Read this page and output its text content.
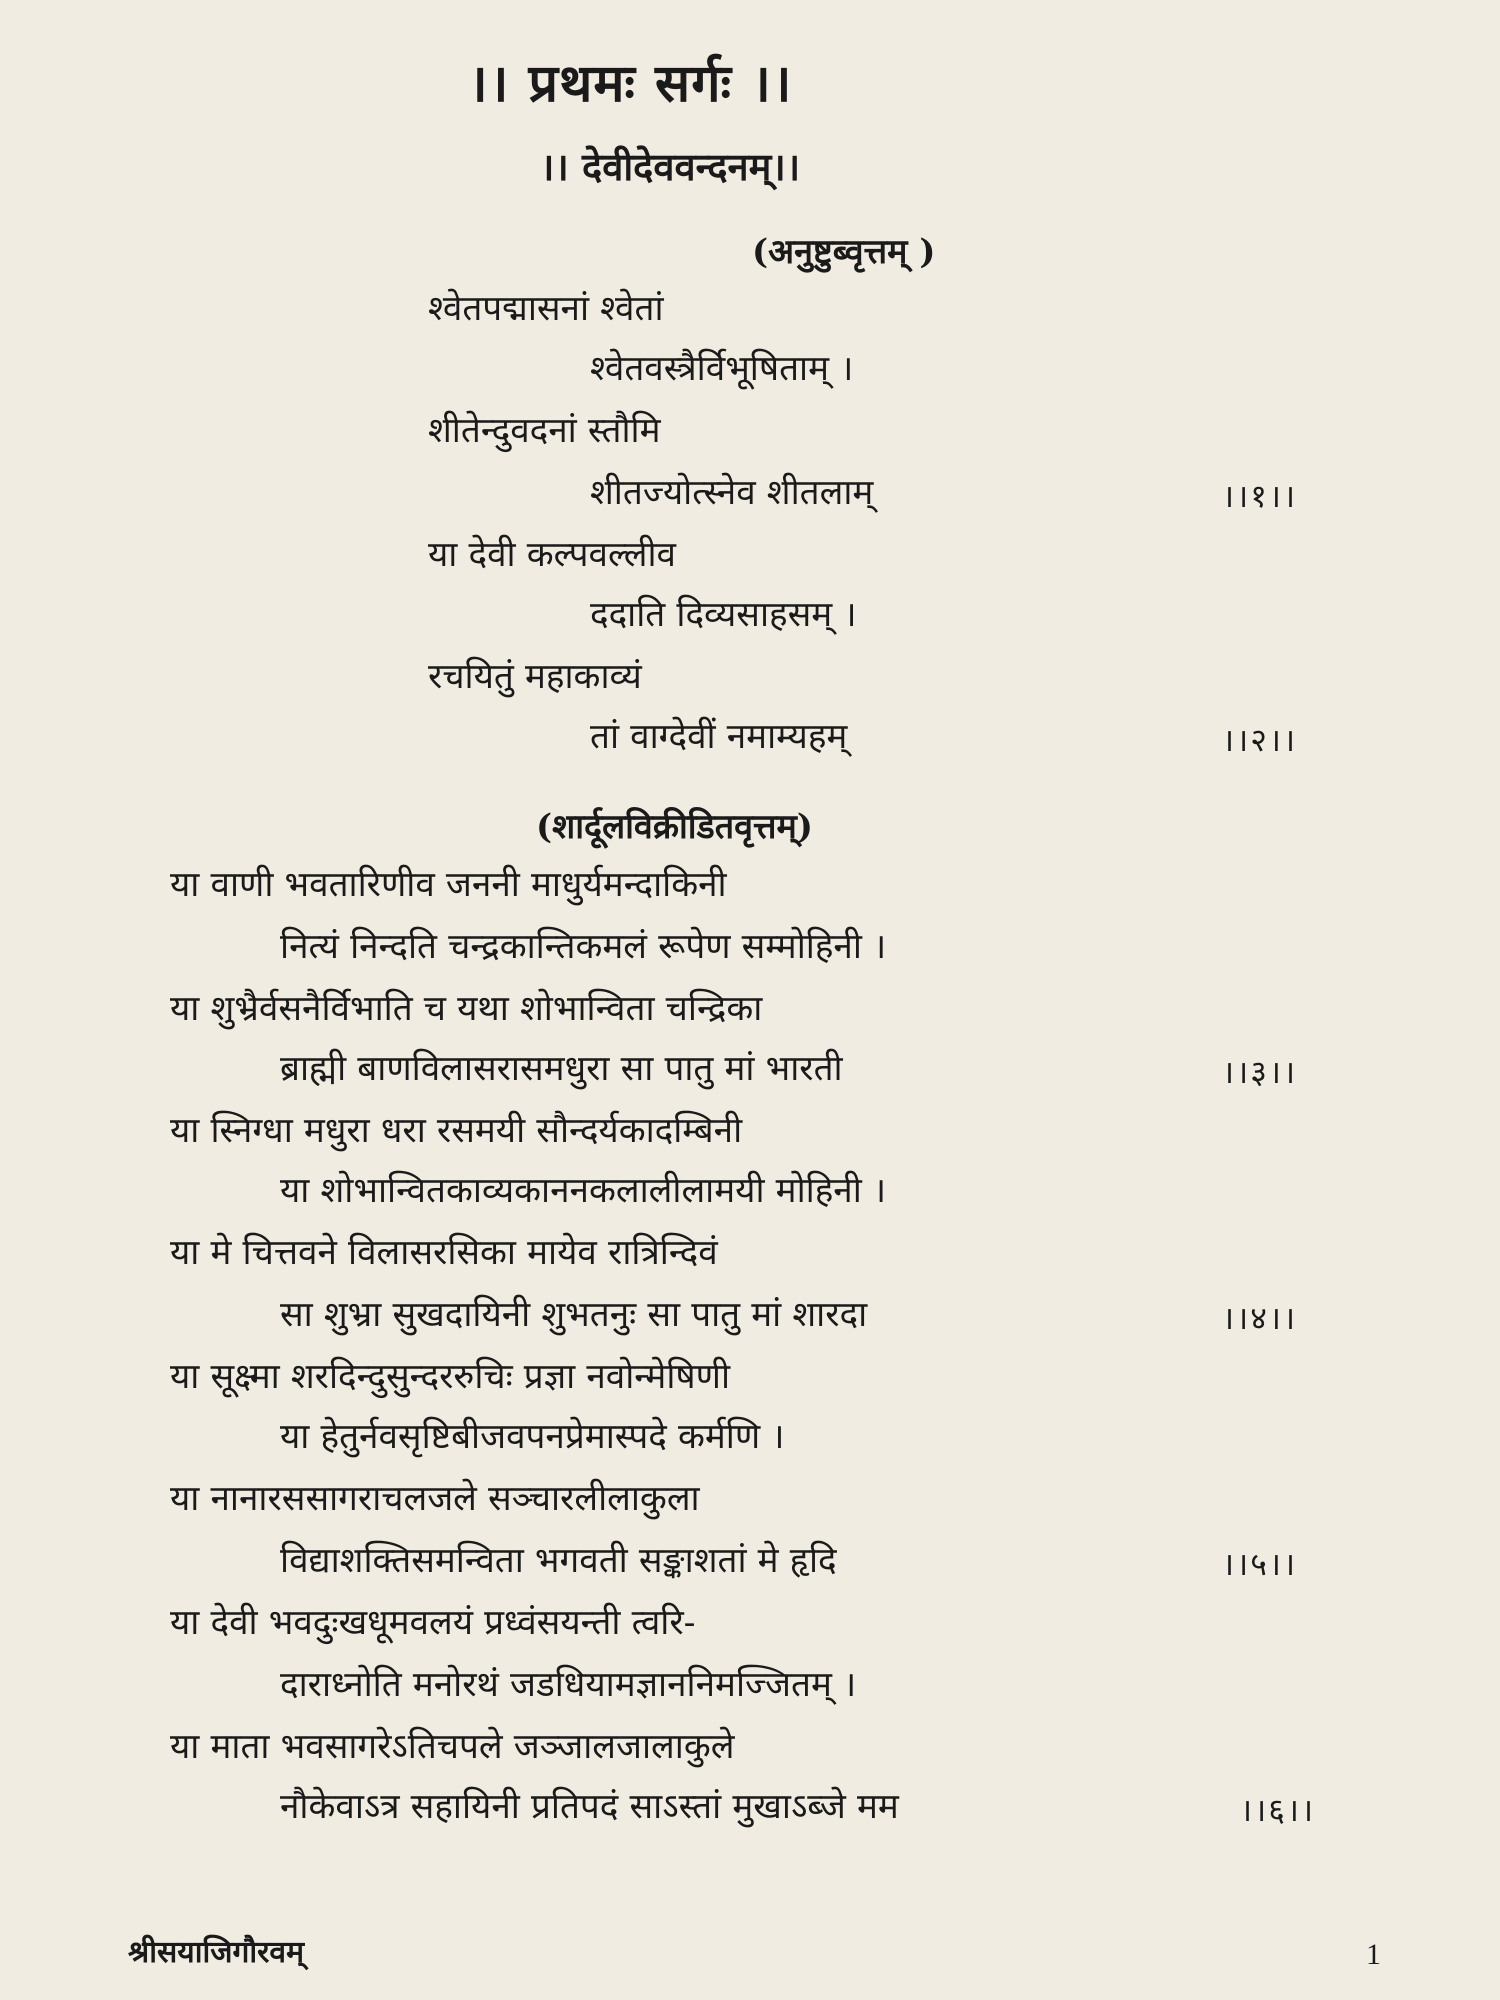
।। प्रथमः सर्गः ।।
।। देवीदेववन्दनम्।।
(अनुष्टुब्वृत्तम् )
श्वेतपद्मासनां श्वेतां
श्वेतवस्त्रैर्विभूषिताम् ।
शीतेन्दुवदनां स्तौमि
शीतज्योत्स्नेव शीतलाम्	।।१।।
या देवी कल्पवल्लीव
ददाति दिव्यसाहसम् ।
रचयितुं महाकाव्यं
तां वाग्देवीं नमाम्यहम्	।।२।।
(शार्दूलविक्रीडितवृत्तम्)
या वाणी भवतारिणीव जननी माधुर्यमन्दाकिनी
नित्यं निन्दति चन्द्रकान्तिकमलं रूपेण सम्मोहिनी ।
या शुभ्रैर्वसनैर्विभाति च यथा शोभान्विता चन्द्रिका
ब्राह्मी बाणविलासरासमधुरा सा पातु मां भारती	।।३।।
या स्निग्धा मधुरा धरा रसमयी सौन्दर्यकादम्बिनी
या शोभान्वितकाव्यकाननकलालीलामयी मोहिनी ।
या मे चित्तवने विलासरसिका मायेव रात्रिन्दिवं
सा शुभ्रा सुखदायिनी शुभतनुः सा पातु मां शारदा	।।४।।
या सूक्ष्मा शरदिन्दुसुन्दररुचिः प्रज्ञा नवोन्मेषिणी
या हेतुर्नवसृष्टिबीजवपनप्रेमास्पदे कर्मणि ।
या नानारससागराचलजले सञ्चारलीलाकुला
विद्याशक्तिसमन्विता भगवती सङ्काशतां मे हृदि	।।५।।
या देवी भवदुःखधूमवलयं प्रध्वंसयन्ती त्वरि-
दाराध्नोति मनोरथं जडधियामज्ञाननिमज्जितम् ।
या माता भवसागरेऽतिचपले जञ्जालजालाकुले
नौकेवाऽत्र सहायिनी प्रतिपदं साऽस्तां मुखाऽब्जे मम	।।६।।
श्रीसयाजिगौरवम्	1
